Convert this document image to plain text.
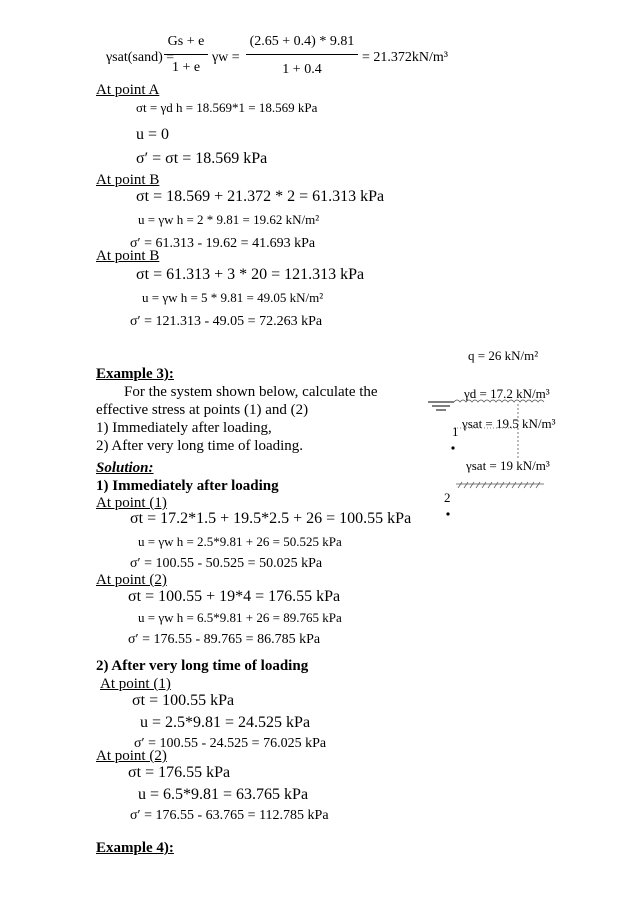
γsat(sand) =
Gs + e
1 + e
γw =
(2.65 + 0.4) * 9.81
1 + 0.4
= 21.372kN/m³
At point A
σt = γd h = 18.569*1 = 18.569 kPa
u = 0
σ′ = σt = 18.569 kPa
At point B
σt = 18.569 + 21.372 * 2 = 61.313 kPa
u = γw h = 2 * 9.81 = 19.62 kN/m²
σ′ = 61.313 - 19.62 = 41.693 kPa
At point B
σt = 61.313 + 3 * 20 = 121.313 kPa
u = γw h = 5 * 9.81 = 49.05 kN/m²
σ′ = 121.313 - 49.05 = 72.263 kPa
Example 3):
For the system shown below, calculate the
effective stress at points (1) and (2)
1) Immediately after loading,
2) After very long time of loading.
Solution:
1) Immediately after loading
At point (1)
σt = 17.2*1.5 + 19.5*2.5 + 26 = 100.55 kPa
u = γw h = 2.5*9.81 + 26 = 50.525 kPa
σ′ = 100.55 - 50.525 = 50.025 kPa
At point (2)
σt = 100.55 + 19*4 = 176.55 kPa
u = γw h = 6.5*9.81 + 26 = 89.765 kPa
σ′ = 176.55 - 89.765 = 86.785 kPa
2) After very long time of loading
At point (1)
σt = 100.55 kPa
u = 2.5*9.81 = 24.525 kPa
σ′ = 100.55 - 24.525 = 76.025 kPa
At point (2)
σt = 176.55 kPa
u = 6.5*9.81 = 63.765 kPa
σ′ = 176.55 - 63.765 = 112.785 kPa
Example 4):
q = 26 kN/m²
γd = 17.2 kN/m³
γsat = 19.5 kN/m³
γsat = 19 kN/m³
1
2
